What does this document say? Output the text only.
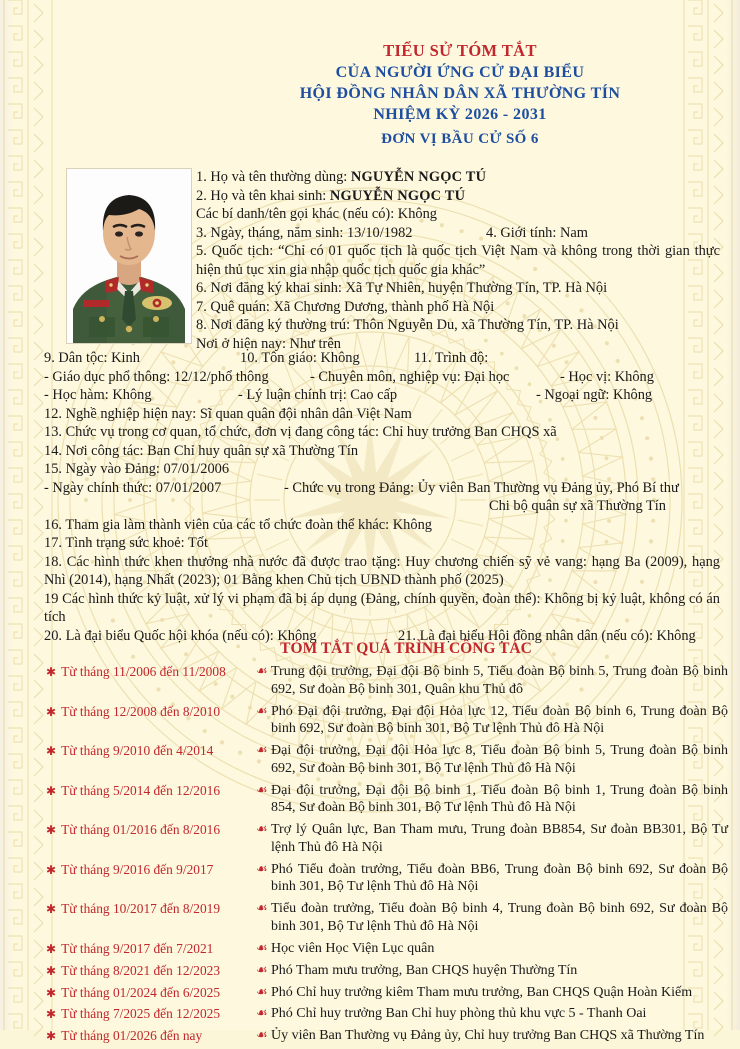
TIỂU SỬ TÓM TẮT
CỦA NGƯỜI ỨNG CỬ ĐẠI BIỂU
HỘI ĐỒNG NHÂN DÂN XÃ THƯỜNG TÍN
NHIỆM KỲ 2026 - 2031
ĐƠN VỊ BẦU CỬ SỐ 6

1. Họ và tên thường dùng: NGUYỄN NGỌC TÚ

2. Họ và tên khai sinh: NGUYỄN NGỌC TÚ

Các bí danh/tên gọi khác (nếu có): Không

3. Ngày, tháng, năm sinh: 13/10/1982	4. Giới tính: Nam

5. Quốc tịch: “Chỉ có 01 quốc tịch là quốc tịch Việt Nam và không trong thời gian thực hiện thủ tục xin gia nhập quốc tịch quốc gia khác”

6. Nơi đăng ký khai sinh: Xã Tự Nhiên, huyện Thường Tín, TP. Hà Nội

7. Quê quán: Xã Chương Dương, thành phố Hà Nội

8. Nơi đăng ký thường trú: Thôn Nguyễn Du, xã Thường Tín, TP. Hà Nội

Nơi ở hiện nay: Như trên

9. Dân tộc: Kinh	10. Tôn giáo: Không	11. Trình độ:

- Giáo dục phổ thông: 12/12/phổ thông	- Chuyên môn, nghiệp vụ: Đại học	- Học vị: Không

- Học hàm: Không	- Lý luận chính trị: Cao cấp	- Ngoại ngữ: Không

12. Nghề nghiệp hiện nay: Sĩ quan quân đội nhân dân Việt Nam

13. Chức vụ trong cơ quan, tổ chức, đơn vị đang công tác: Chỉ huy trưởng Ban CHQS xã

14. Nơi công tác: Ban Chỉ huy quân sự xã Thường Tín

15. Ngày vào Đảng: 07/01/2006

- Ngày chính thức: 07/01/2007	- Chức vụ trong Đảng: Ủy viên Ban Thường vụ Đảng ủy, Phó Bí thư

Chi bộ quân sự xã Thường Tín

16. Tham gia làm thành viên của các tổ chức đoàn thể khác: Không

17. Tình trạng sức khoẻ: Tốt

18. Các hình thức khen thưởng nhà nước đã được trao tặng: Huy chương chiến sỹ vẻ vang: hạng Ba (2009), hạng Nhì (2014), hạng Nhất (2023); 01 Bằng khen Chủ tịch UBND thành phố (2025)

19 Các hình thức kỷ luật, xử lý vi phạm đã bị áp dụng (Đảng, chính quyền, đoàn thể): Không bị kỷ luật, không có án tích

20. Là đại biểu Quốc hội khóa (nếu có): Không	21. Là đại biểu Hội đồng nhân dân (nếu có): Không

TÓM TẮT QUÁ TRÌNH CÔNG TÁC
✱ Từ tháng 11/2006 đến 11/2008	☙ Trung đội trưởng, Đại đội Bộ binh 5, Tiểu đoàn Bộ binh 5, Trung đoàn Bộ binh 692, Sư đoàn Bộ binh 301, Quân khu Thủ đô
✱ Từ tháng 12/2008 đến 8/2010	☙ Phó Đại đội trưởng, Đại đội Hỏa lực 12, Tiểu đoàn Bộ binh 6, Trung đoàn Bộ binh 692, Sư đoàn Bộ binh 301, Bộ Tư lệnh Thủ đô Hà Nội
✱ Từ tháng 9/2010 đến 4/2014	☙ Đại đội trưởng, Đại đội Hỏa lực 8, Tiểu đoàn Bộ binh 5, Trung đoàn Bộ binh 692, Sư đoàn Bộ binh 301, Bộ Tư lệnh Thủ đô Hà Nội
✱ Từ tháng 5/2014 đến 12/2016	☙ Đại đội trưởng, Đại đội Bộ binh 1, Tiểu đoàn Bộ binh 1, Trung đoàn Bộ binh 854, Sư đoàn Bộ binh 301, Bộ Tư lệnh Thủ đô Hà Nội
✱ Từ tháng 01/2016 đến 8/2016	☙ Trợ lý Quân lực, Ban Tham mưu, Trung đoàn BB854, Sư đoàn BB301, Bộ Tư lệnh Thủ đô Hà Nội
✱ Từ tháng 9/2016 đến 9/2017	☙ Phó Tiểu đoàn trưởng, Tiểu đoàn BB6, Trung đoàn Bộ binh 692, Sư đoàn Bộ binh 301, Bộ Tư lệnh Thủ đô Hà Nội
✱ Từ tháng 10/2017 đến 8/2019	☙ Tiểu đoàn trưởng, Tiểu đoàn Bộ binh 4, Trung đoàn Bộ binh 692, Sư đoàn Bộ binh 301, Bộ Tư lệnh Thủ đô Hà Nội
✱ Từ tháng 9/2017 đến 7/2021	☙ Học viên Học Viện Lục quân
✱ Từ tháng 8/2021 đến 12/2023	☙ Phó Tham mưu trưởng, Ban CHQS huyện Thường Tín
✱ Từ tháng 01/2024 đến 6/2025	☙ Phó Chỉ huy trưởng kiêm Tham mưu trưởng, Ban CHQS Quận Hoàn Kiếm
✱ Từ tháng 7/2025 đến 12/2025	☙ Phó Chỉ huy trưởng Ban Chỉ huy phòng thủ khu vực 5 - Thanh Oai
✱ Từ tháng 01/2026 đến nay	☙ Ủy viên Ban Thường vụ Đảng ủy, Chỉ huy trưởng Ban CHQS xã Thường Tín
